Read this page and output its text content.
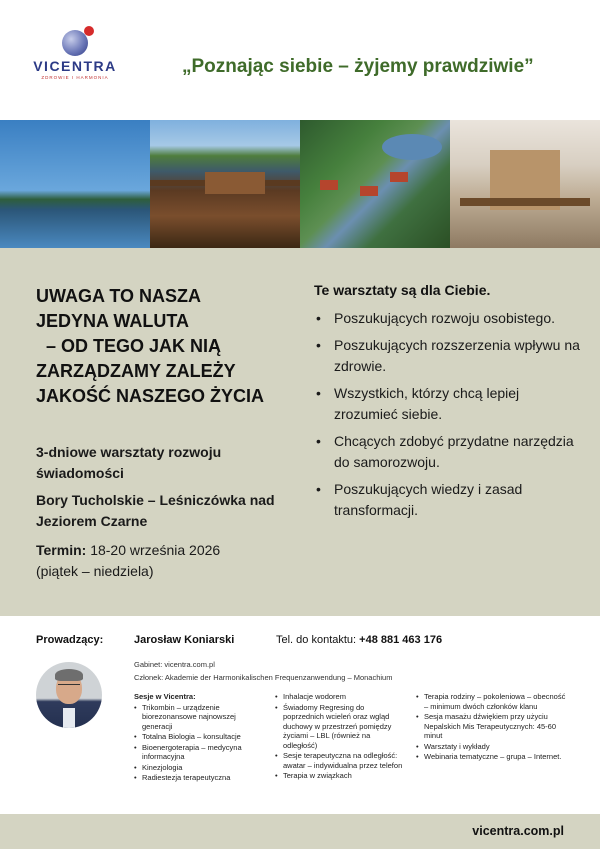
VICENTRA
ZDROWIE I HARMONIA
„Poznając siebie – żyjemy prawdziwie”
UWAGA TO NASZA
JEDYNA WALUTA
– OD TEGO JAK NIĄ
ZARZĄDZAMY ZALEŻY
JAKOŚĆ NASZEGO ŻYCIA
3-dniowe warsztaty rozwoju świadomości
Bory Tucholskie – Leśniczówka nad Jeziorem Czarne
Termin: 18-20 września 2026
(piątek – niedziela)
Te warsztaty są dla Ciebie.
• Poszukujących rozwoju osobistego.
• Poszukujących rozszerzenia wpływu na zdrowie.
• Wszystkich, którzy chcą lepiej zrozumieć siebie.
• Chcących zdobyć przydatne narzędzia do samorozwoju.
• Poszukujących wiedzy i zasad transformacji.
Prowadzący:	Jarosław Koniarski	Tel. do kontaktu: +48 881 463 176
Gabinet: vicentra.com.pl
Członek: Akademie der Harmonikalischen Frequenzanwendung – Monachium
Sesje w Vicentra:
• Trikombin – urządzenie biorezonansowe najnowszej generacji
• Totalna Biologia – konsultacje
• Bioenergoterapia – medycyna informacyjna
• Kinezjologia
• Radiestezja terapeutyczna
• Inhalacje wodorem
• Świadomy Regresing do poprzednich wcieleń oraz wgląd duchowy w przestrzeń pomiędzy życiami – LBL (również na odległość)
• Sesje terapeutyczna na odległość: awatar – indywidualna przez telefon
• Terapia w związkach
• Terapia rodziny – pokoleniowa – obecność – minimum dwóch członków klanu
• Sesja masażu dźwiękiem przy użyciu Nepalskich Mis Terapeutycznych: 45-60 minut
• Warsztaty i wykłady
• Webinaria tematyczne – grupa – Internet.
vicentra.com.pl
